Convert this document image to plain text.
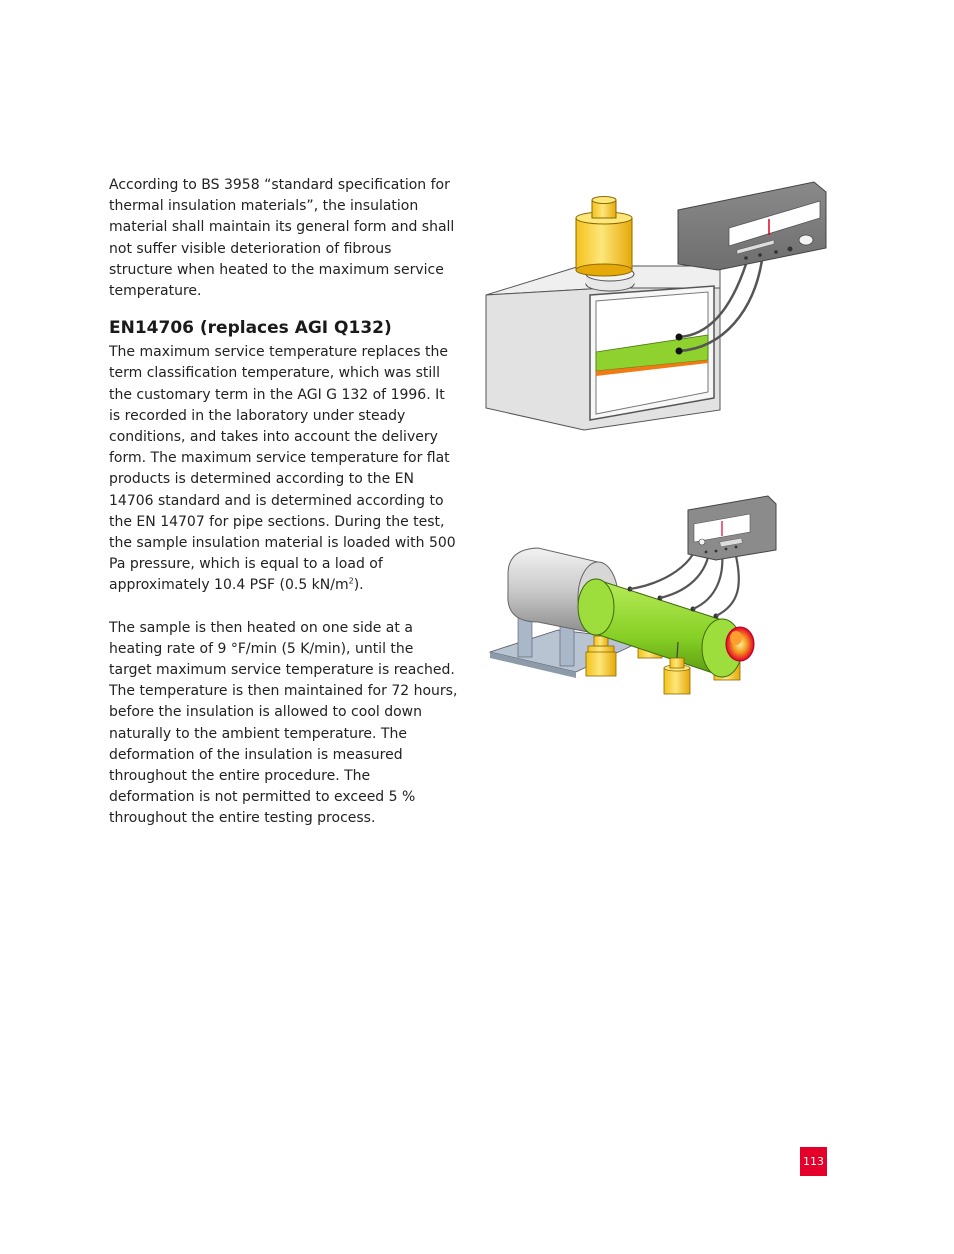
According to BS 3958 “standard specification for thermal insulation materials”, the insulation material shall maintain its general form and shall not suffer visible deterioration of fibrous structure when heated to the maximum service temperature.

EN14706 (replaces AGI Q132)

The maximum service temperature replaces the term classification temperature, which was still the customary term in the AGI G 132 of 1996. It is recorded in the laboratory under steady conditions, and takes into account the delivery form. The maximum service temperature for flat products is determined according to the EN 14706 standard and is determined according to the EN 14707 for pipe sections. During the test, the sample insulation material is loaded with 500 Pa pressure, which is equal to a load of approximately 10.4 PSF (0.5 $kN/m^2$).

The sample is then heated on one side at a heating rate of 9 °F/min (5 K/min), until the target maximum service temperature is reached. The temperature is then maintained for 72 hours, before the insulation is allowed to cool down naturally to the ambient temperature. The deformation of the insulation is measured throughout the entire procedure. The deformation is not permitted to exceed 5 % throughout the entire testing process.

113
